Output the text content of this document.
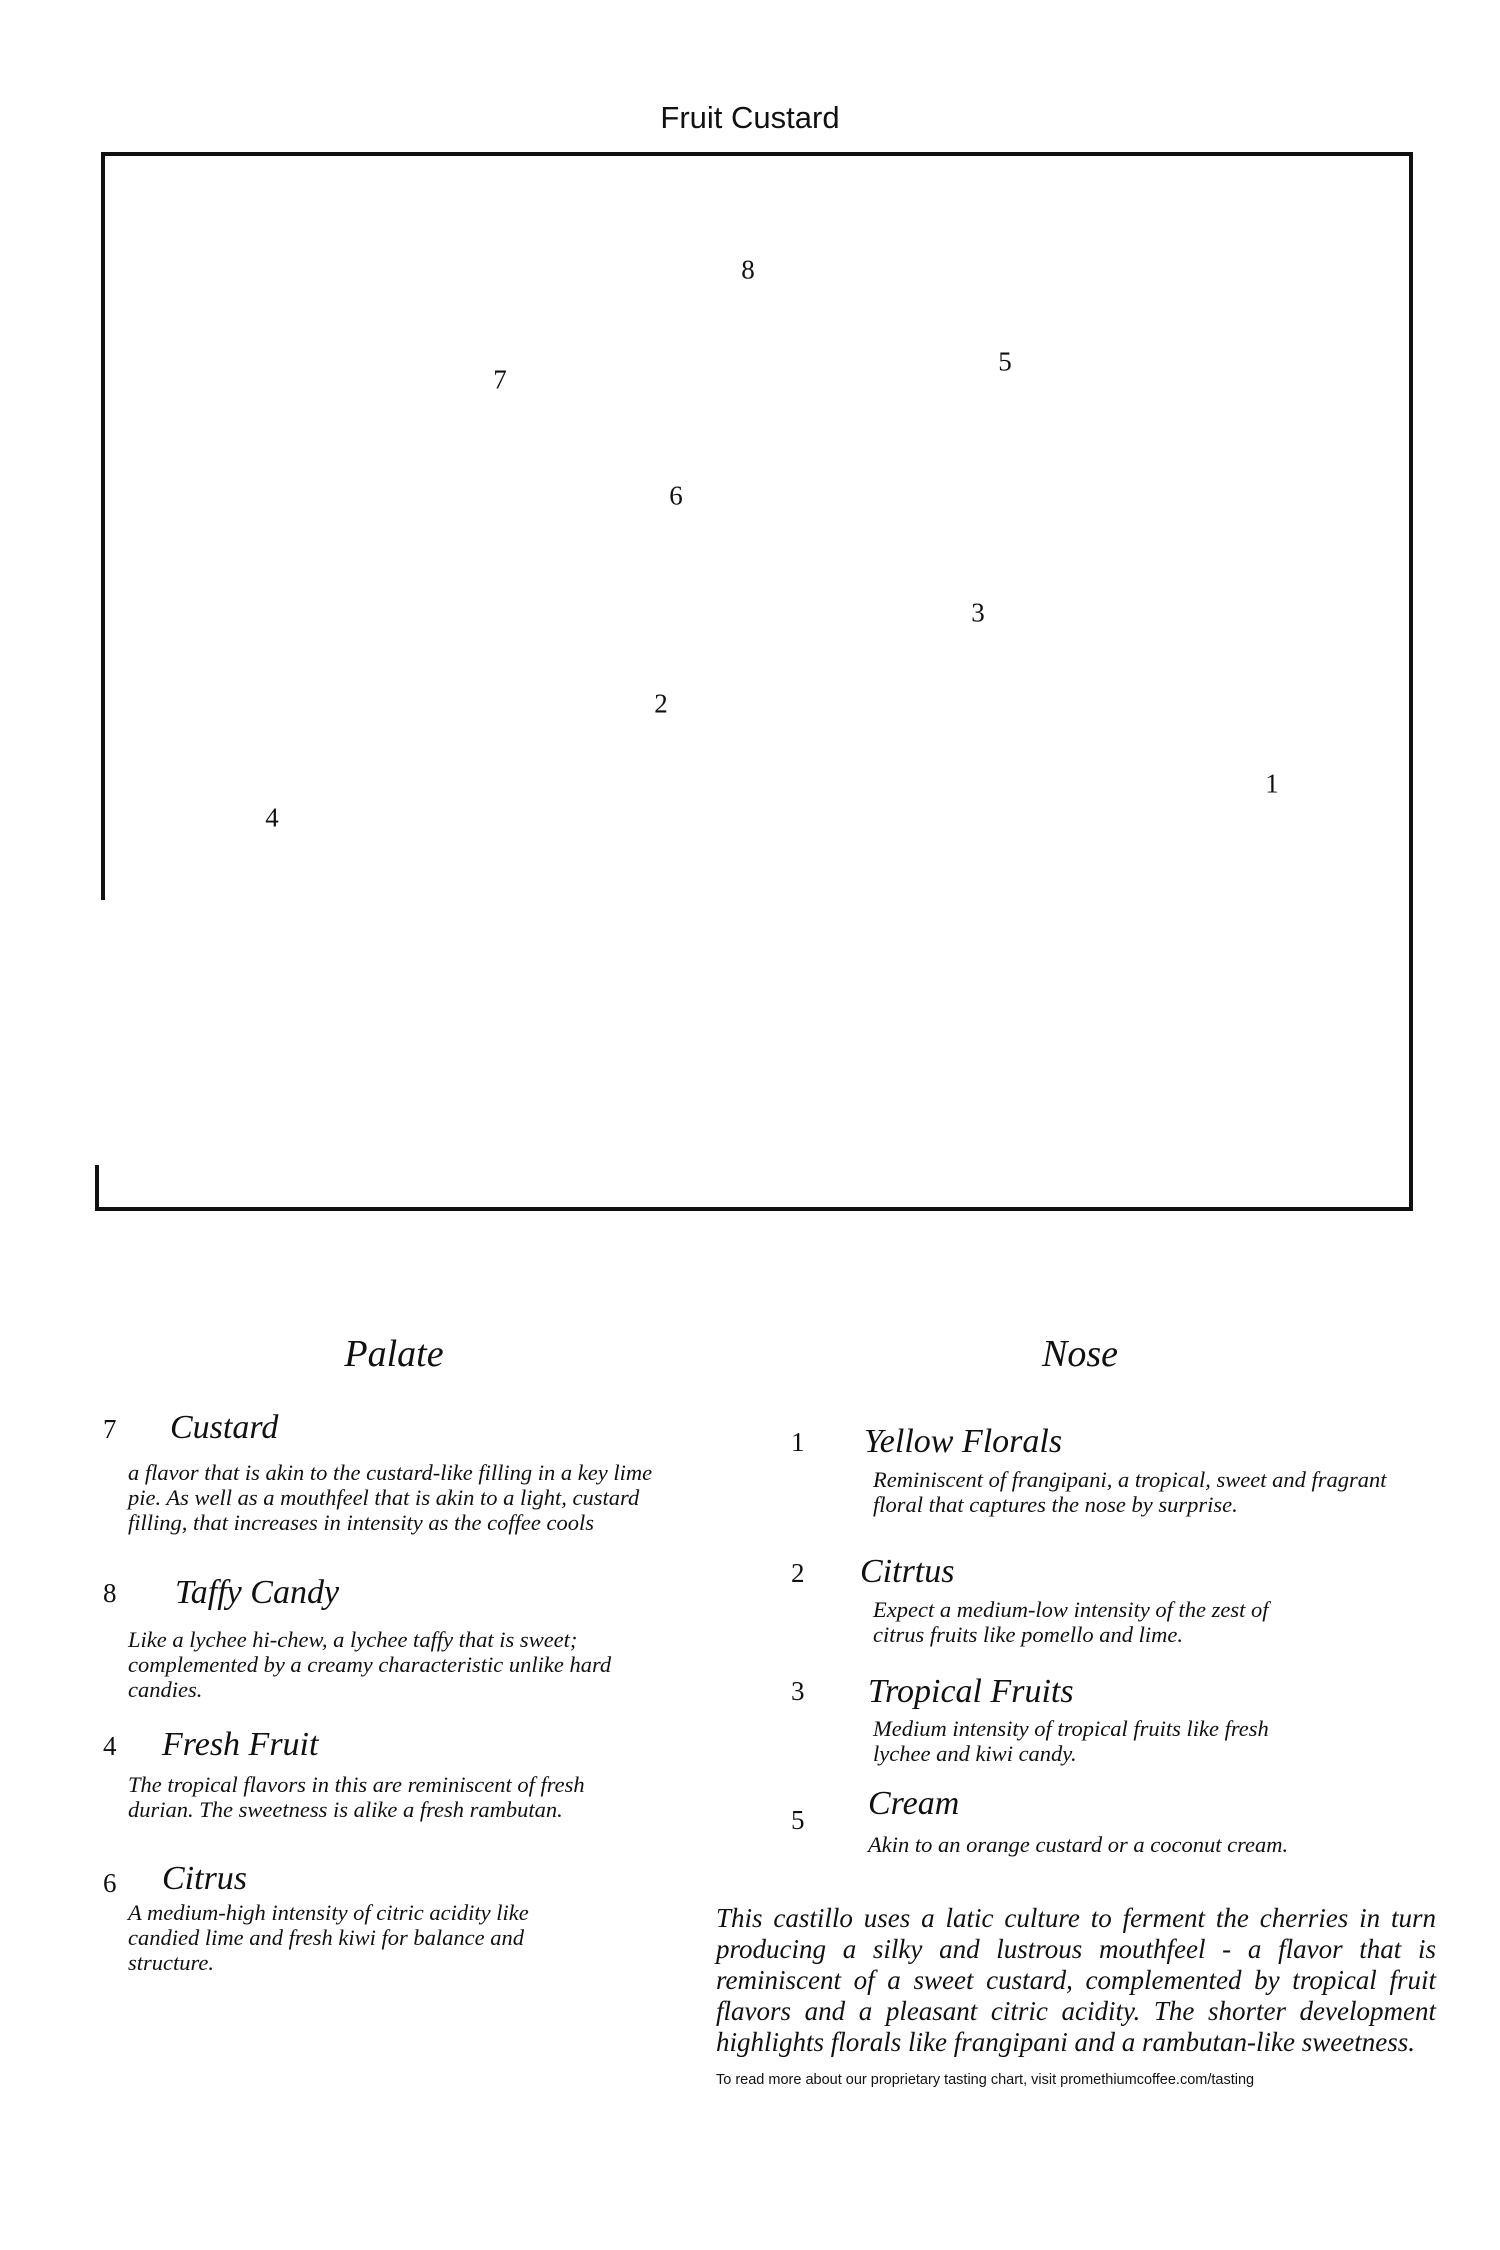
Fruit Custard
8
5
7
6
3
2
1
4
Palate
7 Custard
a flavor that is akin to the custard-like filling in a key lime pie. As well as a mouthfeel that is akin to a light, custard filling, that increases in intensity as the coffee cools
8 Taffy Candy
Like a lychee hi-chew, a lychee taffy that is sweet; complemented by a creamy characteristic unlike hard candies.
4 Fresh Fruit
The tropical flavors in this are reminiscent of fresh durian. The sweetness is alike a fresh rambutan.
6 Citrus
A medium-high intensity of citric acidity like candied lime and fresh kiwi for balance and structure.
Nose
1 Yellow Florals
Reminiscent of frangipani, a tropical, sweet and fragrant floral that captures the nose by surprise.
2 Citrtus
Expect a medium-low intensity of the zest of citrus fruits like pomello and lime.
3 Tropical Fruits
Medium intensity of tropical fruits like fresh lychee and kiwi candy.
5 Cream
Akin to an orange custard or a coconut cream.
This castillo uses a latic culture to ferment the cherries in turn producing a silky and lustrous mouthfeel - a flavor that is reminiscent of a sweet custard, complemented by tropical fruit flavors and a pleasant citric acidity. The shorter development highlights florals like frangipani and a rambutan-like sweetness.
To read more about our proprietary tasting chart, visit promethiumcoffee.com/tasting
